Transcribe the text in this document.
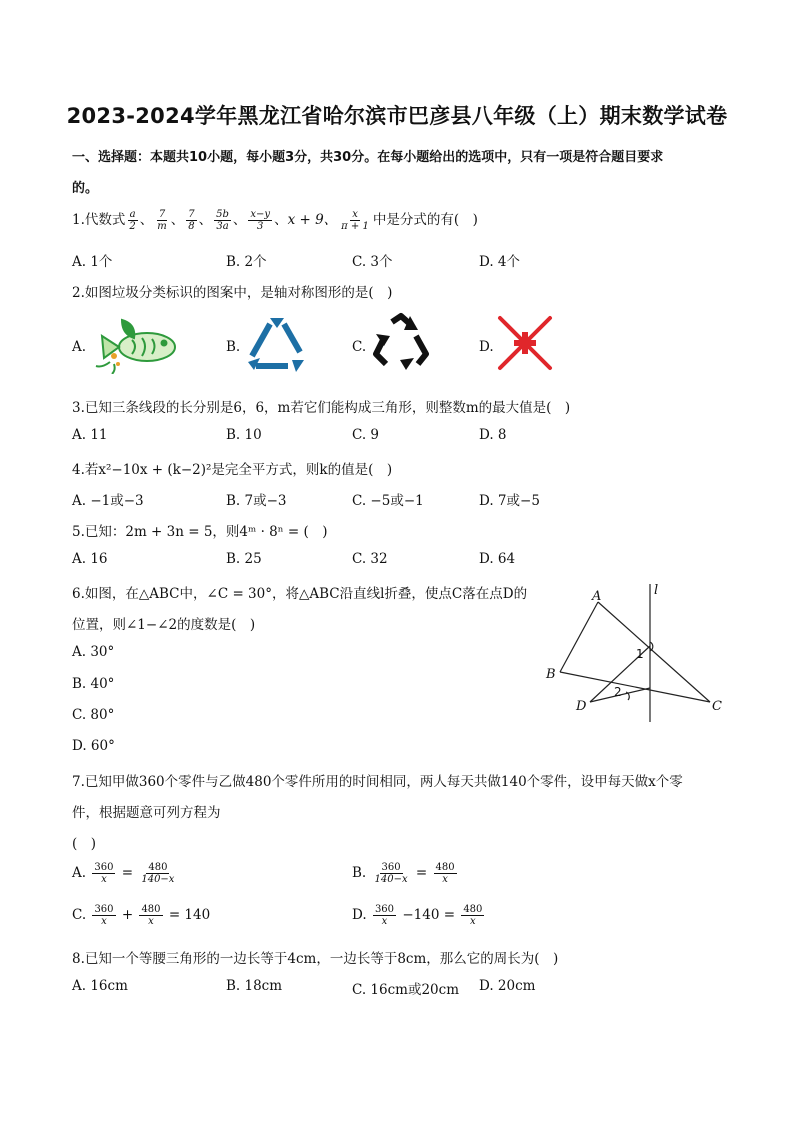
2023-2024学年黑龙江省哈尔滨市巴彦县八年级（上）期末数学试卷
一、选择题：本题共10小题，每小题3分，共30分。在每小题给出的选项中，只有一项是符合题目要求
的。
1.代数式 $\frac{a}{2}$ 、 $\frac{7}{m}$ 、 $\frac{7}{8}$ 、 $\frac{5b}{3a}$ 、 $\frac{x-y}{3}$ 、x + 9、 $\frac{x}{\pi + 1}$ 中是分式的有(　)
A. 1个	B. 2个	C. 3个	D. 4个
2.如图垃圾分类标识的图案中，是轴对称图形的是(　)
A.	B.	C.	D.
3.已知三条线段的长分别是6，6，m若它们能构成三角形，则整数m的最大值是(　)
A. 11	B. 10	C. 9	D. 8
4.若x²−10x + (k−2)²是完全平方式，则k的值是(　)
A. −1或−3	B. 7或−3	C. −5或−1	D. 7或−5
5.已知：2m + 3n = 5，则4ᵐ · 8ⁿ = (　)
A. 16	B. 25	C. 32	D. 64
6.如图，在△ABC中，∠C = 30°，将△ABC沿直线l折叠，使点C落在点D的
位置，则∠1−∠2的度数是(　)
A. 30°
B. 40°
C. 80°
D. 60°
A
B
C
D
l
1
2
7.已知甲做360个零件与乙做480个零件所用的时间相同，两人每天共做140个零件，设甲每天做x个零
件，根据题意可列方程为
(　)
A. $\frac{360}{x} = \frac{480}{140-x}$	B. $\frac{360}{140-x} = \frac{480}{x}$
C. $\frac{360}{x} + \frac{480}{x} = 140$	D. $\frac{360}{x} -140 = \frac{480}{x}$
8.已知一个等腰三角形的一边长等于4cm，一边长等于8cm，那么它的周长为(　)
A. 16cm	B. 18cm	C. 16cm或20cm D. 20cm
